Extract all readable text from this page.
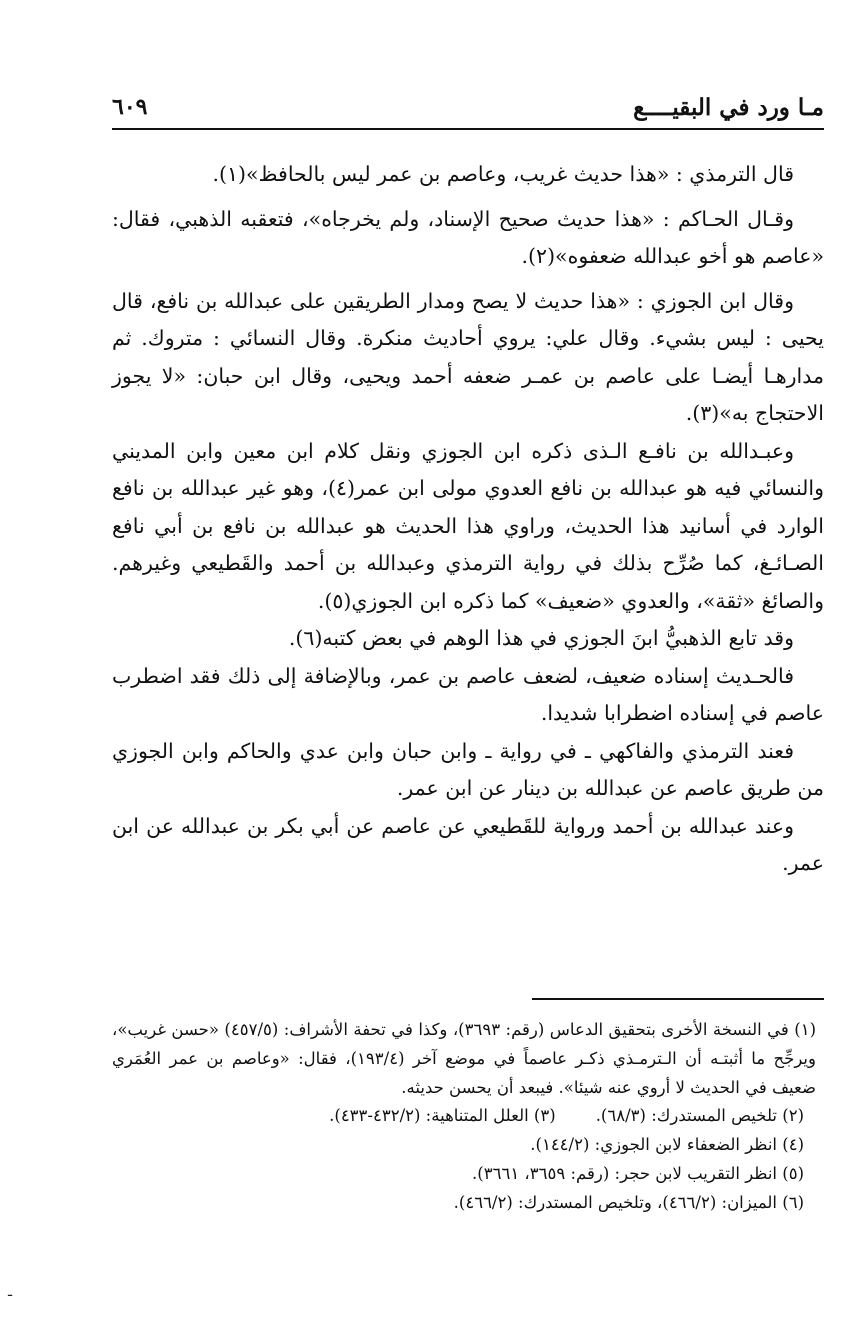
مـا ورد في البقيــــع
٦٠٩

قال الترمذي : «هذا حديث غريب، وعاصم بن عمر ليس بالحافظ»(١).

وقـال الحـاكم : «هذا حديث صحيح الإسناد، ولم يخرجاه»، فتعقبه الذهبي، فقال: «عاصم هو أخو عبدالله ضعفوه»(٢).

وقال ابن الجوزي : «هذا حديث لا يصح ومدار الطريقين على عبدالله بن نافع، قال يحيى : ليس بشيء. وقال علي: يروي أحاديث منكرة. وقال النسائي : متروك. ثم مدارهـا أيضـا على عاصم بن عمـر ضعفه أحمد ويحيى، وقال ابن حبان: «لا يجوز الاحتجاج به»(٣).

وعبـدالله بن نافـع الـذى ذكره ابن الجوزي ونقل كلام ابن معين وابن المديني والنسائي فيه هو عبدالله بن نافع العدوي مولى ابن عمر(٤)، وهو غير عبدالله بن نافع الوارد في أسانيد هذا الحديث، وراوي هذا الحديث هو عبدالله بن نافع بن أبي نافع الصـائـغ، كما صُرِّح بذلك في رواية الترمذي وعبدالله بن أحمد والقَطيعي وغيرهم. والصائغ «ثقة»، والعدوي «ضعيف» كما ذكره ابن الجوزي(٥).

وقد تابع الذهبيُّ ابنَ الجوزي في هذا الوهم في بعض كتبه(٦).

فالحـديث إسناده ضعيف، لضعف عاصم بن عمر، وبالإضافة إلى ذلك فقد اضطرب عاصم في إسناده اضطرابا شديدا.

فعند الترمذي والفاكهي ـ في رواية ـ وابن حبان وابن عدي والحاكم وابن الجوزي من طريق عاصم عن عبدالله بن دينار عن ابن عمر.

وعند عبدالله بن أحمد ورواية للقَطيعي عن عاصم عن أبي بكر بن عبدالله عن ابن عمر.

(١) في النسخة الأخرى بتحقيق الدعاس (رقم: ٣٦٩٣)، وكذا في تحفة الأشراف: (٤٥٧/٥) «حسن غريب»، ويرجِّح ما أثبتـه أن الـترمـذي ذكـر عاصماً في موضع آخر (١٩٣/٤)، فقال: «وعاصم بن عمر العُمَري ضعيف في الحديث لا أروي عنه شيئا». فيبعد أن يحسن حديثه.

(٢) تلخيص المستدرك: (٦٨/٣).
(٣) العلل المتناهية: (٤٣٢/٢-٤٣٣).

(٤) انظر الضعفاء لابن الجوزي: (١٤٤/٢).

(٥) انظر التقريب لابن حجر: (رقم: ٣٦٥٩، ٣٦٦١).

(٦) الميزان: (٤٦٦/٢)، وتلخيص المستدرك: (٤٦٦/٢).

ـ
